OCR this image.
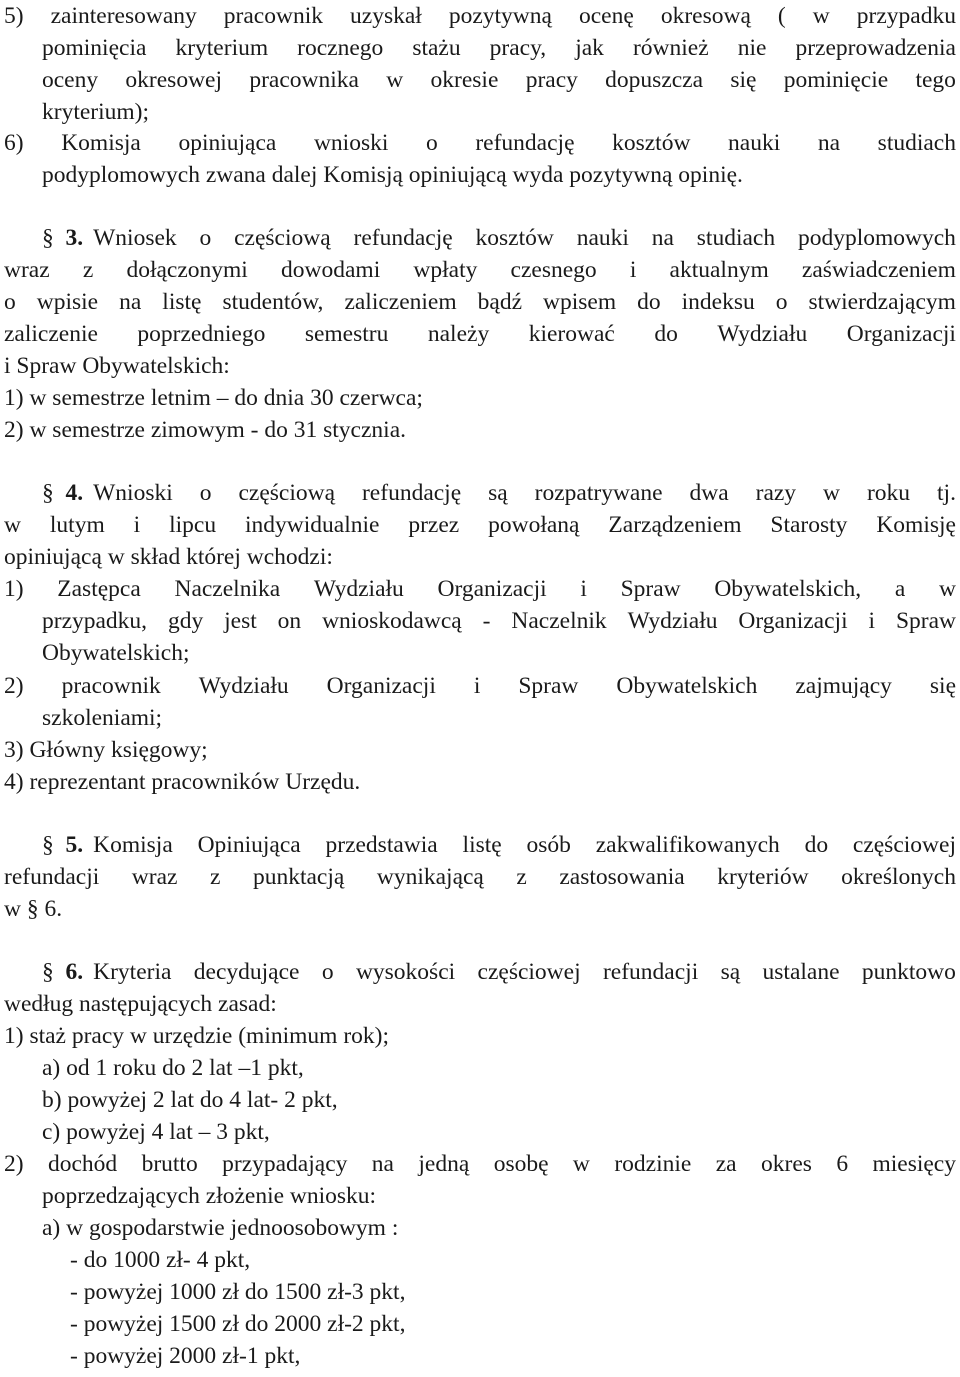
5) zainteresowany pracownik uzyskał pozytywną ocenę okresową ( w przypadku
pominięcia kryterium rocznego stażu pracy, jak również nie przeprowadzenia
oceny okresowej pracownika w okresie pracy dopuszcza się pominięcie tego
kryterium);
6) Komisja opiniująca wnioski o refundację kosztów nauki na studiach
podyplomowych zwana dalej Komisją opiniującą wyda pozytywną opinię.
§ 3. Wniosek o częściową refundację kosztów nauki na studiach podyplomowych
wraz z dołączonymi dowodami wpłaty czesnego i aktualnym zaświadczeniem
o wpisie na listę studentów, zaliczeniem bądź wpisem do indeksu o stwierdzającym
zaliczenie poprzedniego semestru należy kierować do Wydziału Organizacji
i Spraw Obywatelskich:
1) w semestrze letnim – do dnia 30 czerwca;
2) w semestrze zimowym - do 31 stycznia.
§ 4. Wnioski o częściową refundację są rozpatrywane dwa razy w roku tj.
w lutym i lipcu indywidualnie przez powołaną Zarządzeniem Starosty Komisję
opiniującą w skład której wchodzi:
1) Zastępca Naczelnika Wydziału Organizacji i Spraw Obywatelskich, a w
przypadku, gdy jest on wnioskodawcą - Naczelnik Wydziału Organizacji i Spraw
Obywatelskich;
2) pracownik Wydziału Organizacji i Spraw Obywatelskich zajmujący się
szkoleniami;
3) Główny księgowy;
4) reprezentant pracowników Urzędu.
§ 5. Komisja Opiniująca przedstawia listę osób zakwalifikowanych do częściowej
refundacji wraz z punktacją wynikającą z zastosowania kryteriów określonych
w § 6.
§ 6. Kryteria decydujące o wysokości częściowej refundacji są ustalane punktowo
według następujących zasad:
1) staż pracy w urzędzie (minimum rok);
a) od 1 roku do 2 lat –1 pkt,
b) powyżej 2 lat do 4 lat- 2 pkt,
c) powyżej 4 lat – 3 pkt,
2) dochód brutto przypadający na jedną osobę w rodzinie za okres 6 miesięcy
poprzedzających złożenie wniosku:
a) w gospodarstwie jednoosobowym :
- do 1000 zł- 4 pkt,
- powyżej 1000 zł do 1500 zł-3 pkt,
- powyżej 1500 zł do 2000 zł-2 pkt,
- powyżej 2000 zł-1 pkt,
